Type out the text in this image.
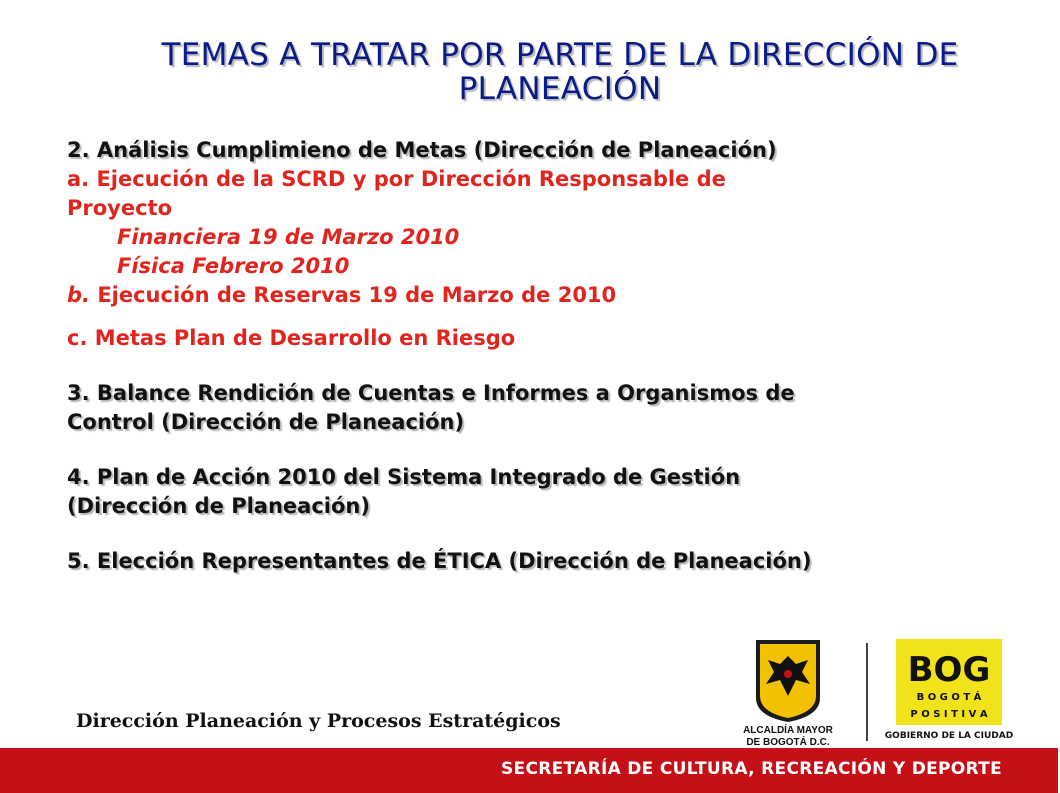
TEMAS A TRATAR POR PARTE DE LA DIRECCIÓN DE
PLANEACIÓN
2. Análisis Cumplimieno de Metas (Dirección de Planeación)
a. Ejecución de la SCRD y por Dirección Responsable de
Proyecto
Financiera 19 de Marzo 2010
Física Febrero 2010
b. Ejecución de Reservas 19 de Marzo de 2010
c. Metas Plan de Desarrollo en Riesgo
3. Balance Rendición de Cuentas e Informes a Organismos de
Control (Dirección de Planeación)
4. Plan de Acción 2010 del Sistema Integrado de Gestión
(Dirección de Planeación)
5. Elección Representantes de ÉTICA (Dirección de Planeación)
Dirección Planeación y Procesos Estratégicos	ALCALDÍA MAYOR
DE BOGOTÁ D.C.
BOG
B O G O T Á
P O S I T I V A
GOBIERNO DE LA CIUDAD
SECRETARÍA DE CULTURA, RECREACIÓN Y DEPORTE
